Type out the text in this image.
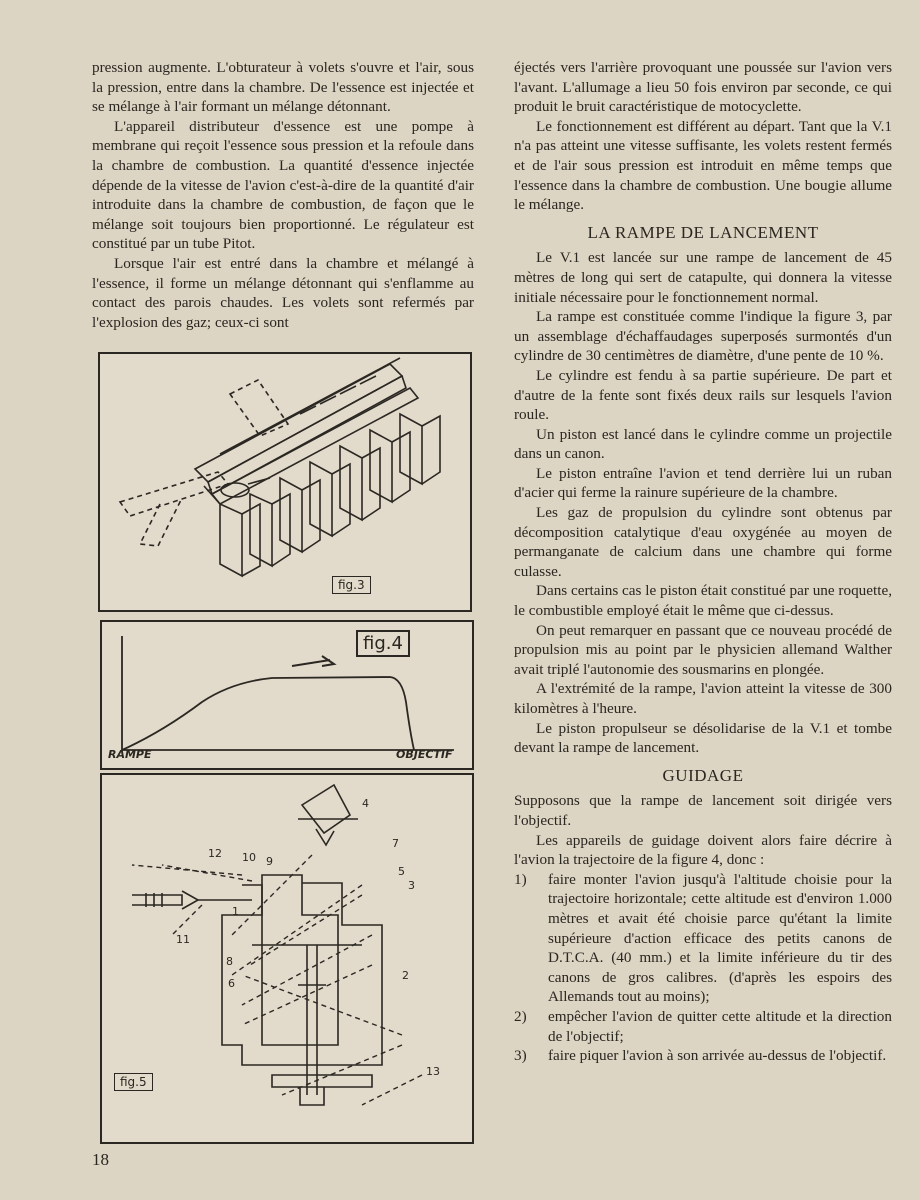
pression augmente. L'obturateur à volets s'ouvre et l'air, sous la pression, entre dans la chambre. De l'essence est injectée et se mélange à l'air formant un mélange détonnant.

L'appareil distributeur d'essence est une pompe à membrane qui reçoit l'essence sous pression et la refoule dans la chambre de combustion. La quantité d'essence injectée dépende de la vitesse de l'avion c'est-à-dire de la quantité d'air introduite dans la chambre de combustion, de façon que le mélange soit toujours bien proportionné. Le régulateur est constitué par un tube Pitot.

Lorsque l'air est entré dans la chambre et mélangé à l'essence, il forme un mélange détonnant qui s'enflamme au contact des parois chaudes. Les volets sont refermés par l'explosion des gaz; ceux-ci sont

fig.3
fig.4
RAMPE	OBJECTIF
1
2
3
4
5
6
7
8
9
10
11
12
13
fig.5

éjectés vers l'arrière provoquant une poussée sur l'avion vers l'avant. L'allumage a lieu 50 fois environ par seconde, ce qui produit le bruit caractéristique de motocyclette.

Le fonctionnement est différent au départ. Tant que la V.1 n'a pas atteint une vitesse suffisante, les volets restent fermés et de l'air sous pression est introduit en même temps que l'essence dans la chambre de combustion. Une bougie allume le mélange.

LA RAMPE DE LANCEMENT

Le V.1 est lancée sur une rampe de lancement de 45 mètres de long qui sert de catapulte, qui donnera la vitesse initiale nécessaire pour le fonctionnement normal.

La rampe est constituée comme l'indique la figure 3, par un assemblage d'échaffaudages superposés surmontés d'un cylindre de 30 centimètres de diamètre, d'une pente de 10 %.

Le cylindre est fendu à sa partie supérieure. De part et d'autre de la fente sont fixés deux rails sur lesquels l'avion roule.

Un piston est lancé dans le cylindre comme un projectile dans un canon.

Le piston entraîne l'avion et tend derrière lui un ruban d'acier qui ferme la rainure supérieure de la chambre.

Les gaz de propulsion du cylindre sont obtenus par décomposition catalytique d'eau oxygénée au moyen de permanganate de calcium dans une chambre qui forme culasse.

Dans certains cas le piston était constitué par une roquette, le combustible employé était le même que ci-dessus.

On peut remarquer en passant que ce nouveau procédé de propulsion mis au point par le physicien allemand Walther avait triplé l'autonomie des sousmarins en plongée.

A l'extrémité de la rampe, l'avion atteint la vitesse de 300 kilomètres à l'heure.

Le piston propulseur se désolidarise de la V.1 et tombe devant la rampe de lancement.

GUIDAGE

Supposons que la rampe de lancement soit dirigée vers l'objectif.

Les appareils de guidage doivent alors faire décrire à l'avion la trajectoire de la figure 4, donc :

1) faire monter l'avion jusqu'à l'altitude choisie pour la trajectoire horizontale; cette altitude est d'environ 1.000 mètres et avait été choisie parce qu'étant la limite supérieure d'action efficace des petits canons de D.T.C.A. (40 mm.) et la limite inférieure du tir des canons de gros calibres. (d'après les espoirs des Allemands tout au moins);
2) empêcher l'avion de quitter cette altitude et la direction de l'objectif;
3) faire piquer l'avion à son arrivée au-dessus de l'objectif.
18
